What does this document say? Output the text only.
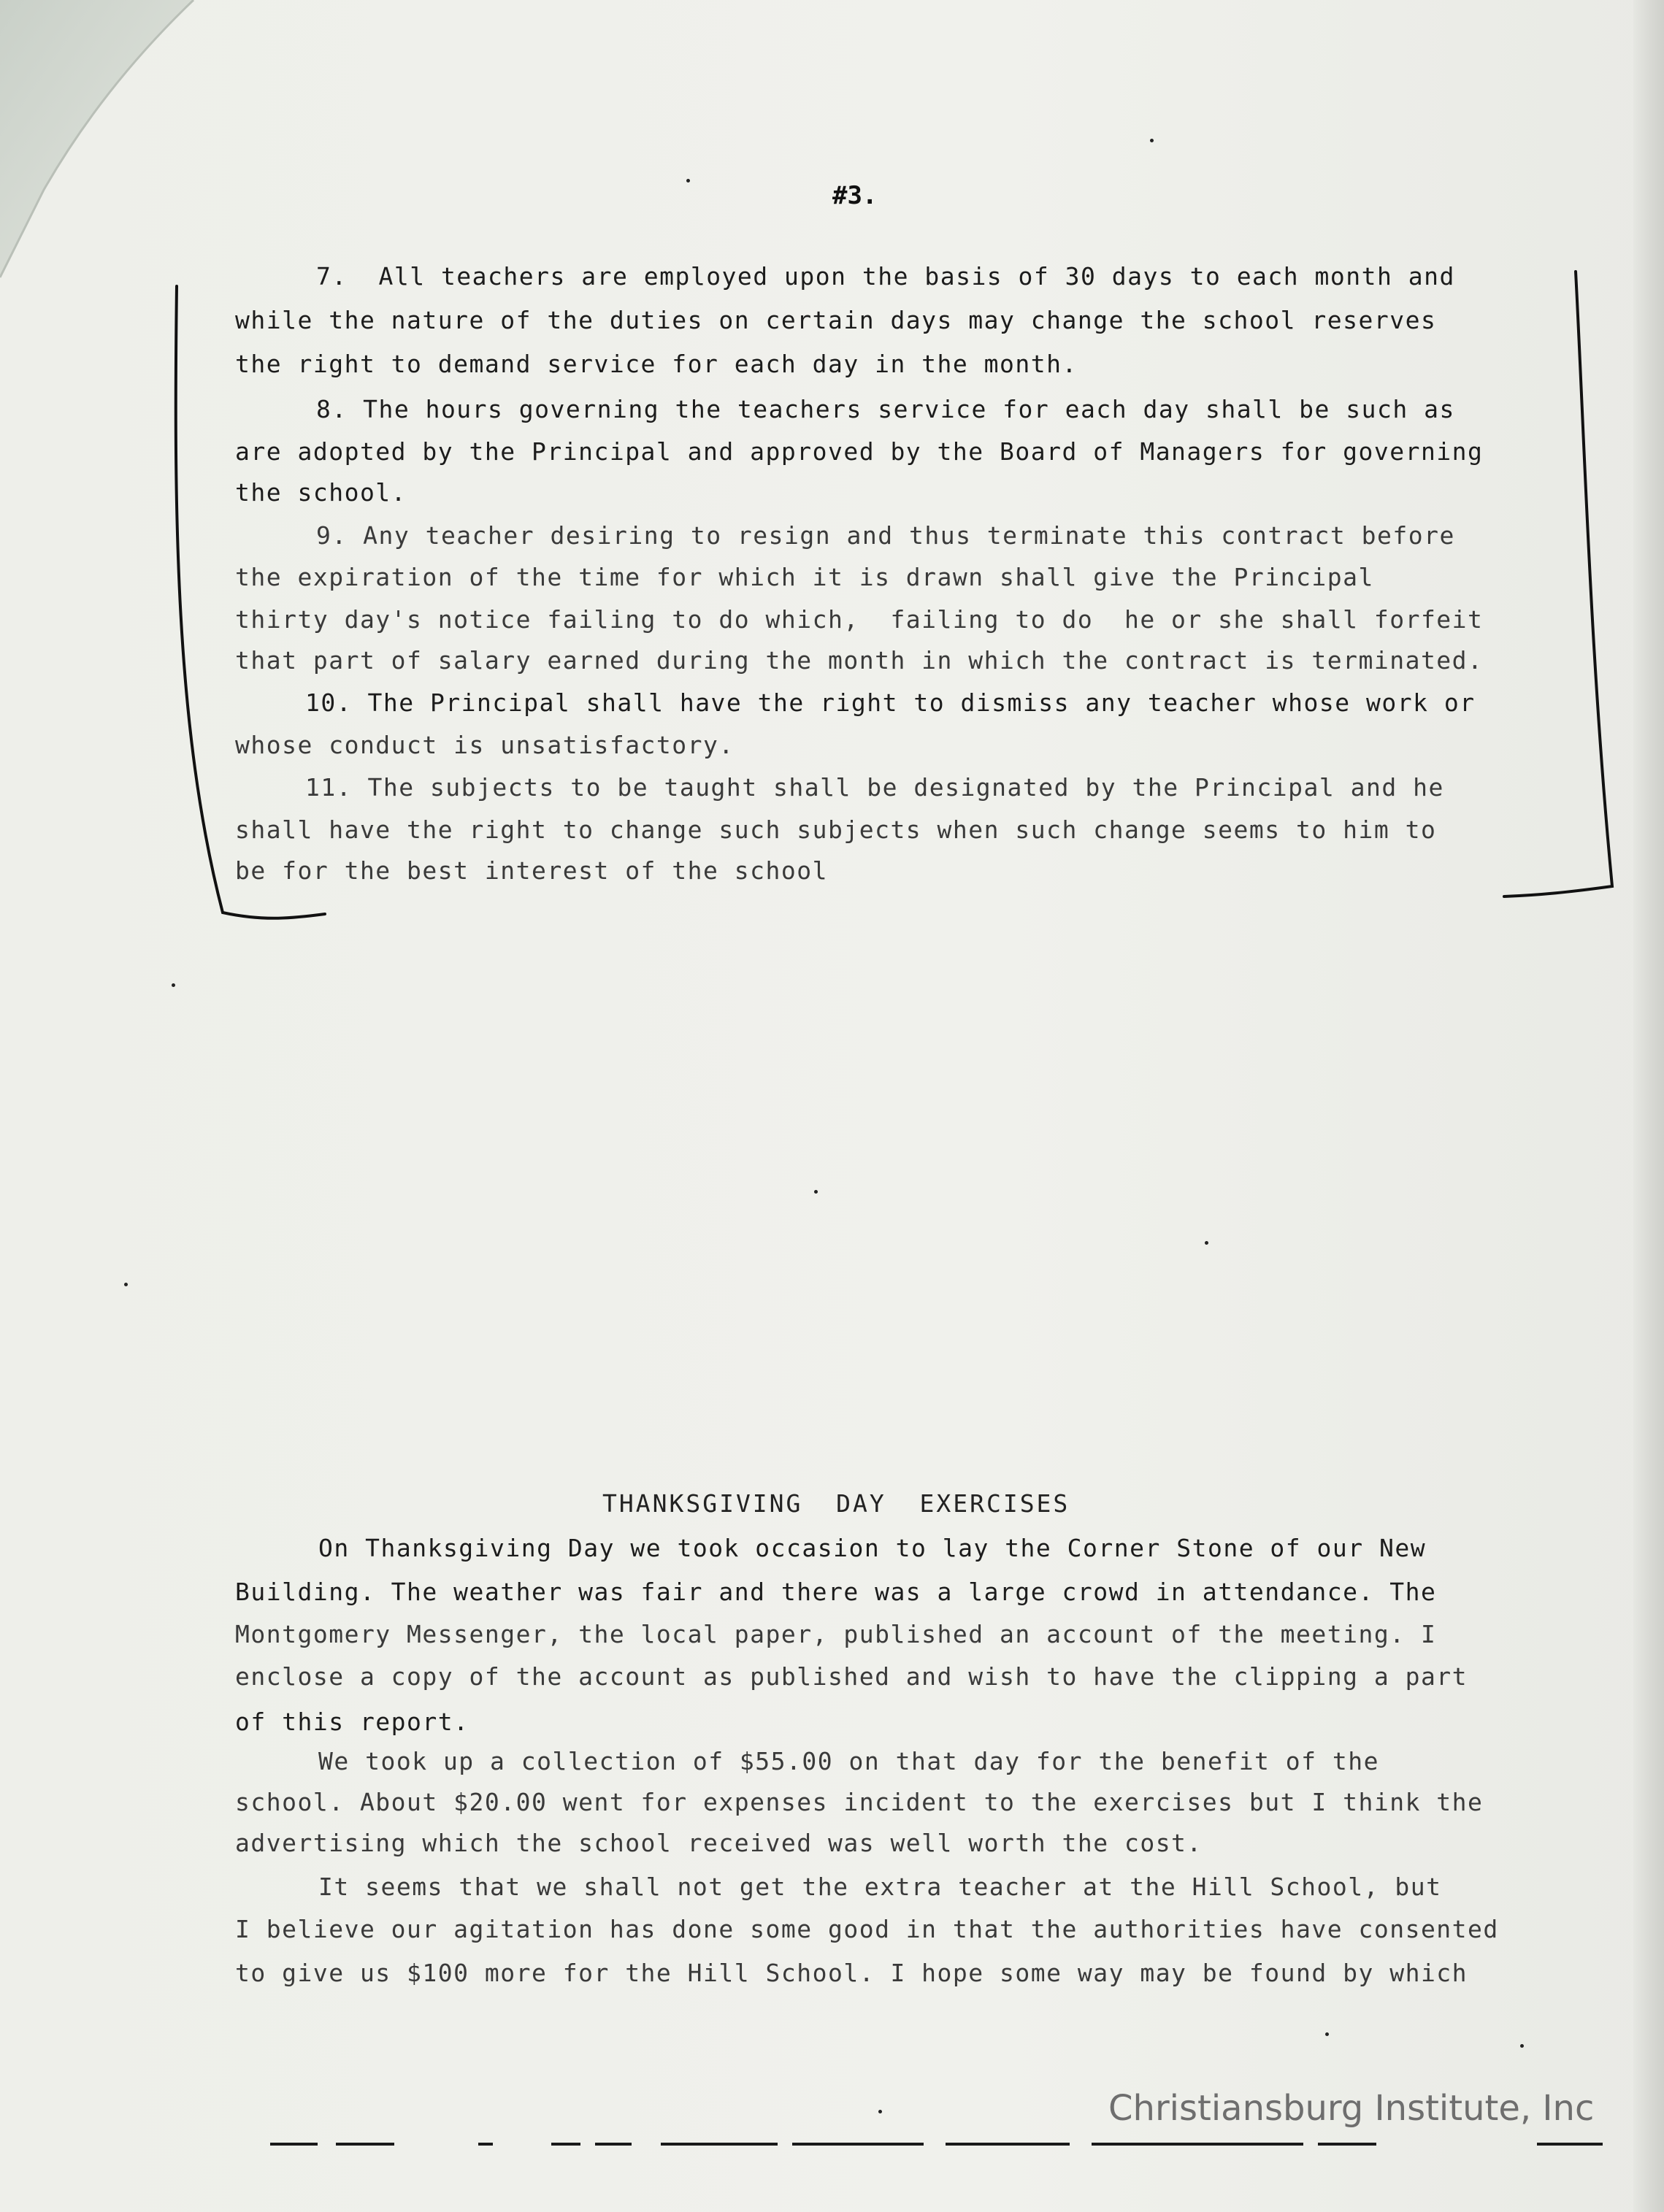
#3.
7.  All teachers are employed upon the basis of 30 days to each month and
while the nature of the duties on certain days may change the school reserves
the right to demand service for each day in the month.
8. The hours governing the teachers service for each day shall be such as
are adopted by the Principal and approved by the Board of Managers for governing
the school.
9. Any teacher desiring to resign and thus terminate this contract before
the expiration of the time for which it is drawn shall give the Principal
thirty day's notice failing to do which,  failing to do  he or she shall forfeit
that part of salary earned during the month in which the contract is terminated.
10. The Principal shall have the right to dismiss any teacher whose work or
whose conduct is unsatisfactory.
11. The subjects to be taught shall be designated by the Principal and he
shall have the right to change such subjects when such change seems to him to
be for the best interest of the school
THANKSGIVING  DAY  EXERCISES
On Thanksgiving Day we took occasion to lay the Corner Stone of our New
Building. The weather was fair and there was a large crowd in attendance. The
Montgomery Messenger, the local paper, published an account of the meeting. I
enclose a copy of the account as published and wish to have the clipping a part
of this report.
We took up a collection of $55.00 on that day for the benefit of the
school. About $20.00 went for expenses incident to the exercises but I think the
advertising which the school received was well worth the cost.
It seems that we shall not get the extra teacher at the Hill School, but
I believe our agitation has done some good in that the authorities have consented
to give us $100 more for the Hill School. I hope some way may be found by which
Christiansburg Institute, Inc
